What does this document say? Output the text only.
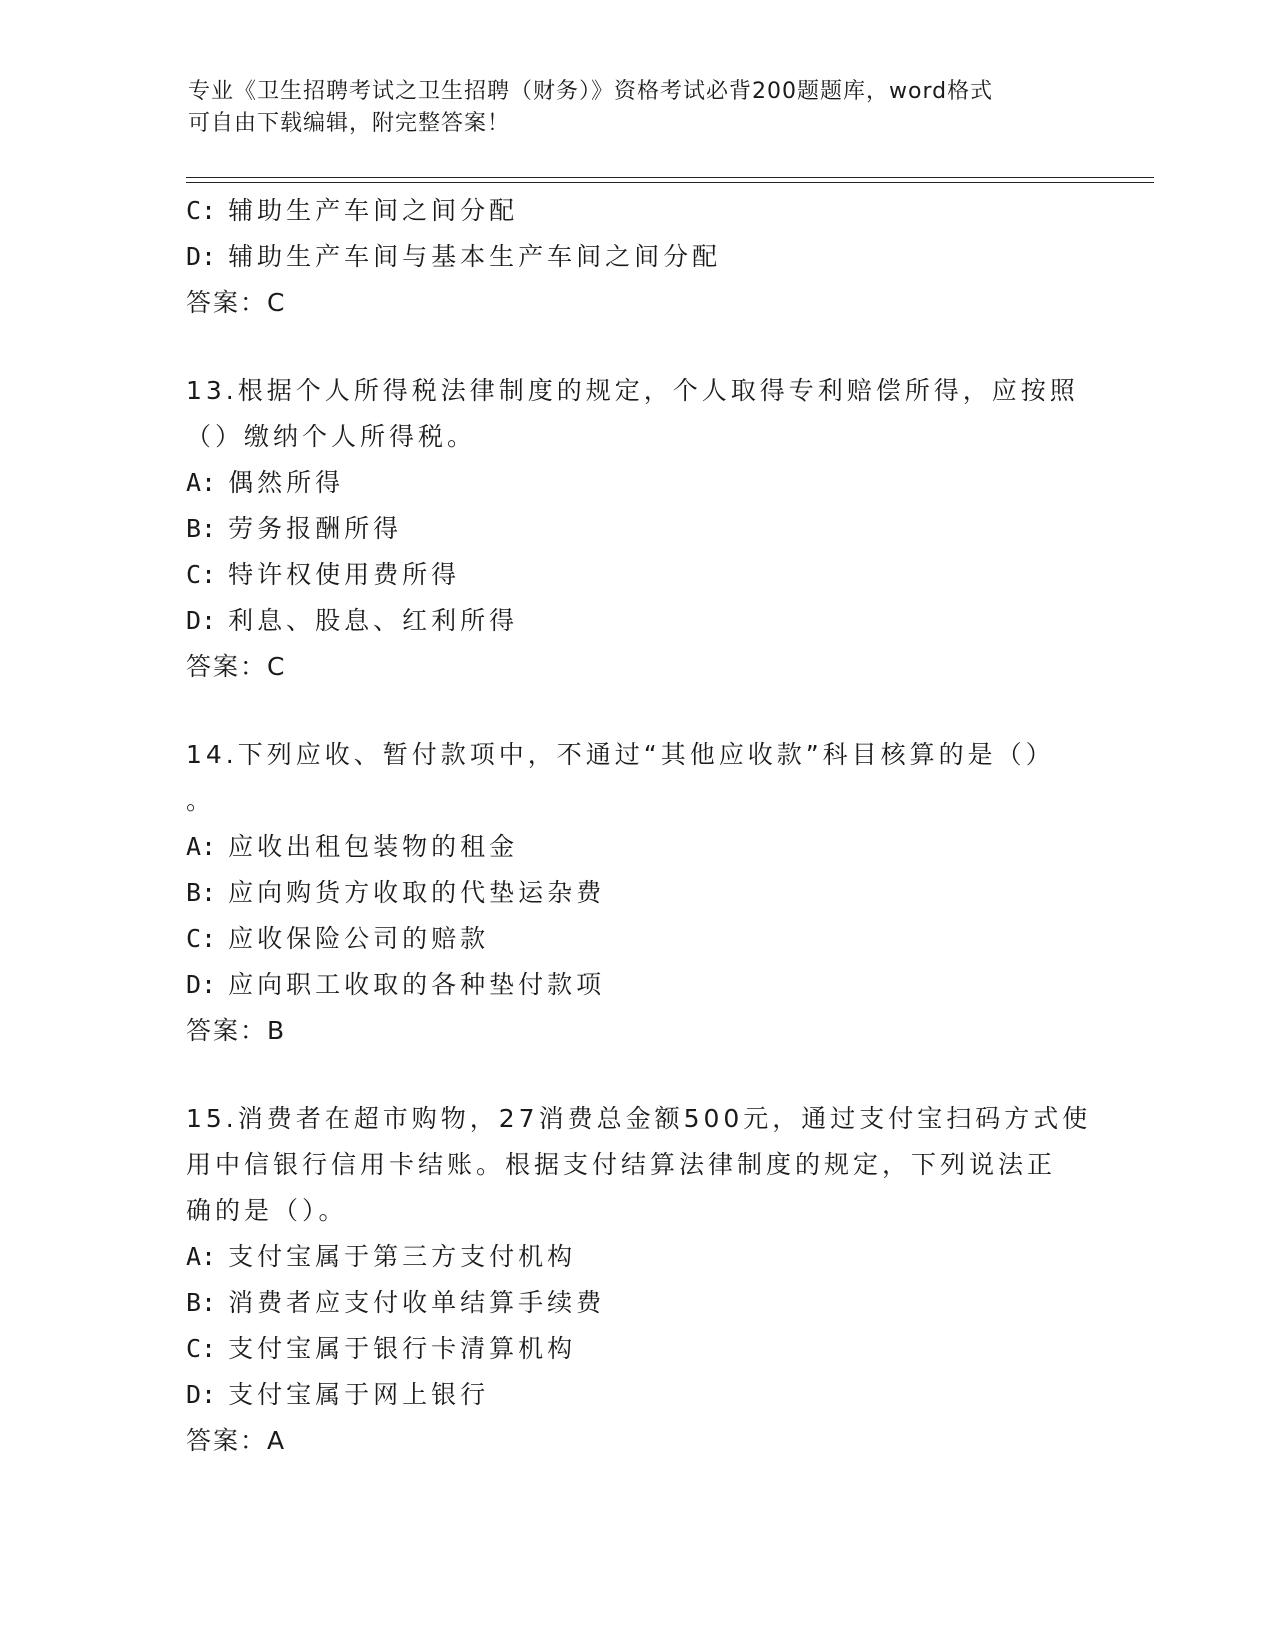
专业《卫生招聘考试之卫生招聘（财务）》资格考试必背200题题库，word格式
可自由下载编辑，附完整答案！
C: 辅助生产车间之间分配
D: 辅助生产车间与基本生产车间之间分配
答案：C
13.根据个人所得税法律制度的规定，个人取得专利赔偿所得，应按照
（）缴纳个人所得税。
A: 偶然所得
B: 劳务报酬所得
C: 特许权使用费所得
D: 利息、股息、红利所得
答案：C
14.下列应收、暂付款项中，不通过“其他应收款”科目核算的是（）
。
A: 应收出租包装物的租金
B: 应向购货方收取的代垫运杂费
C: 应收保险公司的赔款
D: 应向职工收取的各种垫付款项
答案：B
15.消费者在超市购物，27消费总金额500元，通过支付宝扫码方式使
用中信银行信用卡结账。根据支付结算法律制度的规定，下列说法正
确的是（）。
A: 支付宝属于第三方支付机构
B: 消费者应支付收单结算手续费
C: 支付宝属于银行卡清算机构
D: 支付宝属于网上银行
答案：A
